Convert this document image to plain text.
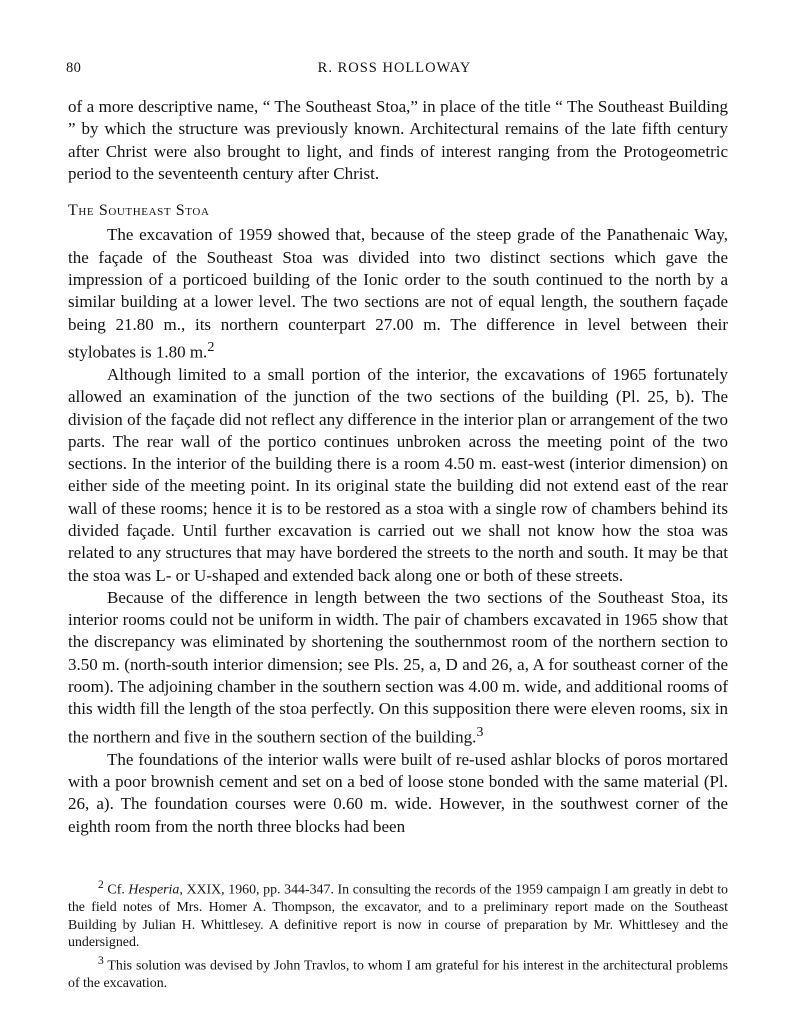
80	R. ROSS HOLLOWAY

of a more descriptive name, “ The Southeast Stoa,” in place of the title “ The Southeast Building ” by which the structure was previously known. Architectural remains of the late fifth century after Christ were also brought to light, and finds of interest ranging from the Protogeometric period to the seventeenth century after Christ.

The Southeast Stoa

The excavation of 1959 showed that, because of the steep grade of the Panathenaic Way, the façade of the Southeast Stoa was divided into two distinct sections which gave the impression of a porticoed building of the Ionic order to the south continued to the north by a similar building at a lower level. The two sections are not of equal length, the southern façade being 21.80 m., its northern counterpart 27.00 m. The difference in level between their stylobates is 1.80 m.$^2$

Although limited to a small portion of the interior, the excavations of 1965 fortunately allowed an examination of the junction of the two sections of the building (Pl. 25, b). The division of the façade did not reflect any difference in the interior plan or arrangement of the two parts. The rear wall of the portico continues unbroken across the meeting point of the two sections. In the interior of the building there is a room 4.50 m. east-west (interior dimension) on either side of the meeting point. In its original state the building did not extend east of the rear wall of these rooms; hence it is to be restored as a stoa with a single row of chambers behind its divided façade. Until further excavation is carried out we shall not know how the stoa was related to any structures that may have bordered the streets to the north and south. It may be that the stoa was L- or U-shaped and extended back along one or both of these streets.

Because of the difference in length between the two sections of the Southeast Stoa, its interior rooms could not be uniform in width. The pair of chambers excavated in 1965 show that the discrepancy was eliminated by shortening the southernmost room of the northern section to 3.50 m. (north-south interior dimension; see Pls. 25, a, D and 26, a, A for southeast corner of the room). The adjoining chamber in the southern section was 4.00 m. wide, and additional rooms of this width fill the length of the stoa perfectly. On this supposition there were eleven rooms, six in the northern and five in the southern section of the building.$^3$

The foundations of the interior walls were built of re-used ashlar blocks of poros mortared with a poor brownish cement and set on a bed of loose stone bonded with the same material (Pl. 26, a). The foundation courses were 0.60 m. wide. However, in the southwest corner of the eighth room from the north three blocks had been

$^2$ Cf. Hesperia, XXIX, 1960, pp. 344-347. In consulting the records of the 1959 campaign I am greatly in debt to the field notes of Mrs. Homer A. Thompson, the excavator, and to a preliminary report made on the Southeast Building by Julian H. Whittlesey. A definitive report is now in course of preparation by Mr. Whittlesey and the undersigned.

$^3$ This solution was devised by John Travlos, to whom I am grateful for his interest in the architectural problems of the excavation.
